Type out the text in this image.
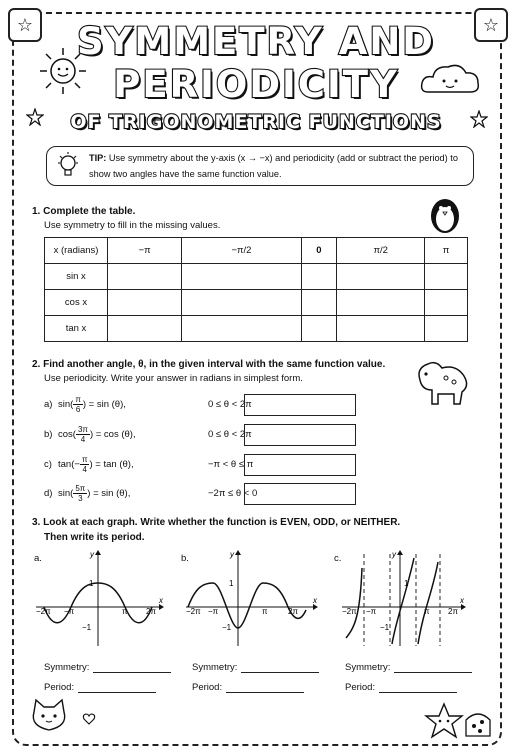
☆	☆
SYMMETRY AND
PERIODICITY
OF TRIGONOMETRIC FUNCTIONS
TIP: Use symmetry about the y-axis (x → −x) and periodicity (add or subtract the period) to
show two angles have the same function value.
1. Complete the table.
Use symmetry to fill in the missing values.
x (radians)	−π	−π/2	0	π/2	π
sin x					
cos x					
tan x					
2. Find another angle, θ, in the given interval with the same function value.
Use periodicity. Write your answer in radians in simplest form.
a) $\sin( \frac{\pi}{6}$ ) = sin (θ),	0 ≤ θ < 2π
b) $\cos( \frac{3\pi}{4}$ ) = cos (θ),	0 ≤ θ < 2π
c) $\tan(- \frac{\pi}{4}$ ) = tan (θ),	−π < θ ≤ π
d) $\sin( \frac{5\pi}{3}$ ) = sin (θ),	−2π ≤ θ < 0
3. Look at each graph. Write whether the function is EVEN, ODD, or NEITHER.
Then write its period.
a.	b.	c.
y
x
−2π −π	π 2π
1
−1
y
x
−2π −π	π	2π
1
−1
y
x
−2π −π	π 2π
1
−1
Symmetry:
Period:
Symmetry:
Period:
Symmetry:
Period:
